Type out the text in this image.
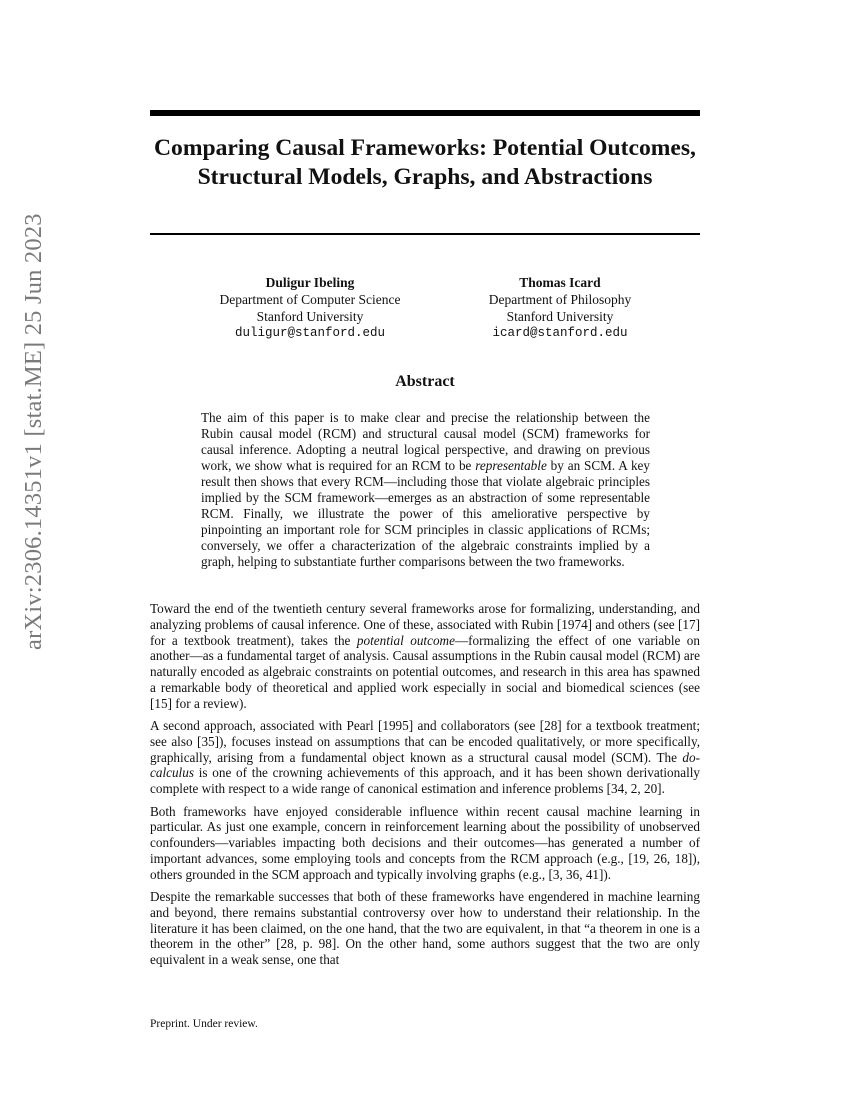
arXiv:2306.14351v1 [stat.ME] 25 Jun 2023
Comparing Causal Frameworks: Potential Outcomes, Structural Models, Graphs, and Abstractions
Duligur Ibeling
Department of Computer Science
Stanford University
duligur@stanford.edu
Thomas Icard
Department of Philosophy
Stanford University
icard@stanford.edu
Abstract

The aim of this paper is to make clear and precise the relationship between the Rubin causal model (RCM) and structural causal model (SCM) frameworks for causal inference. Adopting a neutral logical perspective, and drawing on previous work, we show what is required for an RCM to be representable by an SCM. A key result then shows that every RCM—including those that violate algebraic principles implied by the SCM framework—emerges as an abstraction of some representable RCM. Finally, we illustrate the power of this ameliorative perspective by pinpointing an important role for SCM principles in classic applications of RCMs; conversely, we offer a characterization of the algebraic constraints implied by a graph, helping to substantiate further comparisons between the two frameworks.

Toward the end of the twentieth century several frameworks arose for formalizing, understanding, and analyzing problems of causal inference. One of these, associated with Rubin [1974] and others (see [17] for a textbook treatment), takes the potential outcome—formalizing the effect of one variable on another—as a fundamental target of analysis. Causal assumptions in the Rubin causal model (RCM) are naturally encoded as algebraic constraints on potential outcomes, and research in this area has spawned a remarkable body of theoretical and applied work especially in social and biomedical sciences (see [15] for a review).

A second approach, associated with Pearl [1995] and collaborators (see [28] for a textbook treatment; see also [35]), focuses instead on assumptions that can be encoded qualitatively, or more specifically, graphically, arising from a fundamental object known as a structural causal model (SCM). The do-calculus is one of the crowning achievements of this approach, and it has been shown derivationally complete with respect to a wide range of canonical estimation and inference problems [34, 2, 20].

Both frameworks have enjoyed considerable influence within recent causal machine learning in particular. As just one example, concern in reinforcement learning about the possibility of unobserved confounders—variables impacting both decisions and their outcomes—has generated a number of important advances, some employing tools and concepts from the RCM approach (e.g., [19, 26, 18]), others grounded in the SCM approach and typically involving graphs (e.g., [3, 36, 41]).

Despite the remarkable successes that both of these frameworks have engendered in machine learning and beyond, there remains substantial controversy over how to understand their relationship. In the literature it has been claimed, on the one hand, that the two are equivalent, in that “a theorem in one is a theorem in the other” [28, p. 98]. On the other hand, some authors suggest that the two are only equivalent in a weak sense, one that

Preprint. Under review.
